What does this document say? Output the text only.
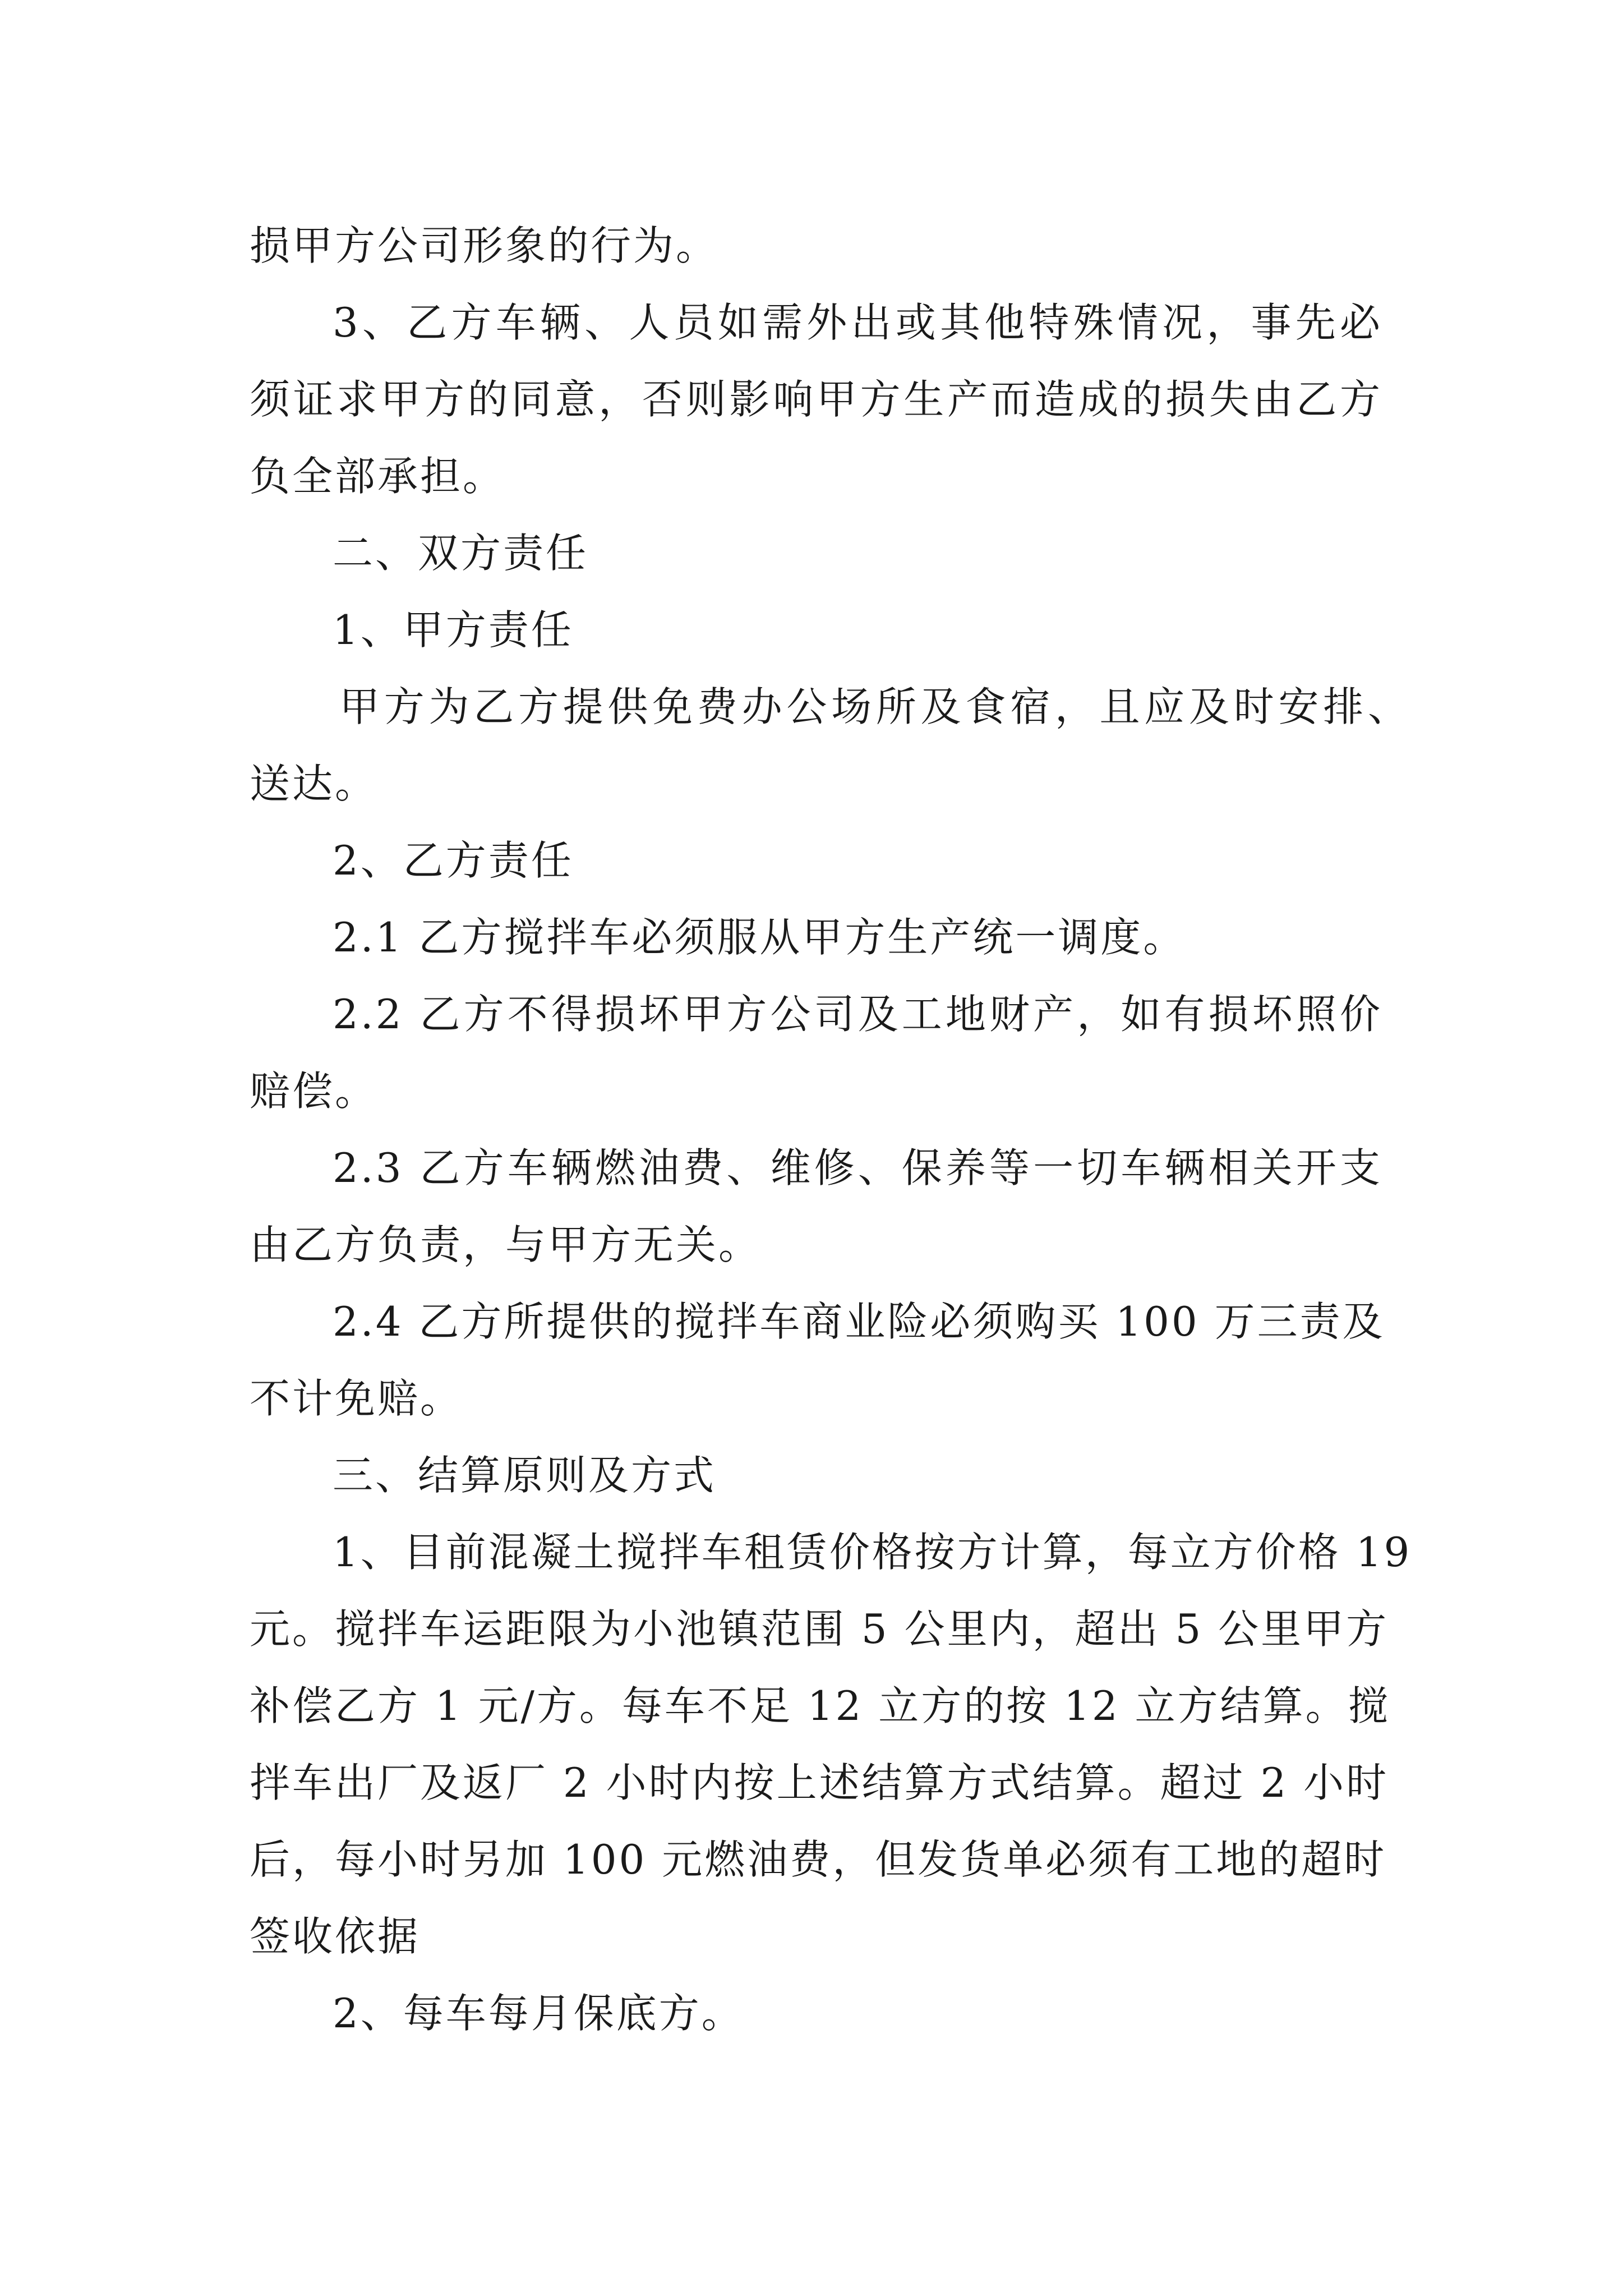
损甲方公司形象的行为。
3、乙方车辆、人员如需外出或其他特殊情况，事先必
须证求甲方的同意，否则影响甲方生产而造成的损失由乙方
负全部承担。
二、双方责任
1、甲方责任
甲方为乙方提供免费办公场所及食宿，且应及时安排、
送达。
2、乙方责任
2.1 乙方搅拌车必须服从甲方生产统一调度。
2.2 乙方不得损坏甲方公司及工地财产，如有损坏照价
赔偿。
2.3 乙方车辆燃油费、维修、保养等一切车辆相关开支
由乙方负责，与甲方无关。
2.4 乙方所提供的搅拌车商业险必须购买 100 万三责及
不计免赔。
三、结算原则及方式
1、目前混凝土搅拌车租赁价格按方计算，每立方价格 19
元。搅拌车运距限为小池镇范围 5 公里内，超出 5 公里甲方
补偿乙方 1 元/方。每车不足 12 立方的按 12 立方结算。搅
拌车出厂及返厂 2 小时内按上述结算方式结算。超过 2 小时
后，每小时另加 100 元燃油费，但发货单必须有工地的超时
签收依据
2、每车每月保底方。
